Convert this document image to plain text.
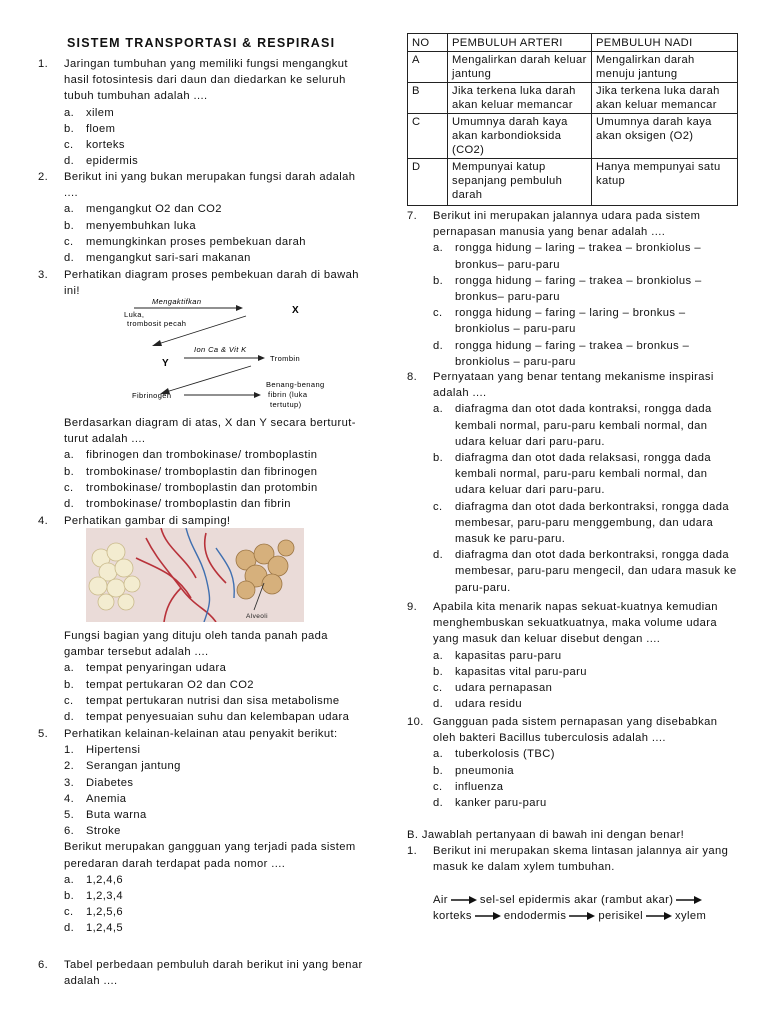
SISTEM TRANSPORTASI & RESPIRASI
1. Jaringan tumbuhan yang memiliki fungsi mengangkut hasil fotosintesis dari daun dan diedarkan ke seluruh tubuh tumbuhan adalah ....
a. xilem
b. floem
c. korteks
d. epidermis
2. Berikut ini yang bukan merupakan fungsi darah adalah ....
a. mengangkut O2 dan CO2
b. menyembuhkan luka
c. memungkinkan proses pembekuan darah
d. mengangkut sari-sari makanan
3. Perhatikan diagram proses pembekuan darah di bawah ini!
Mengaktifkan
X
Luka,
trombosit pecah
Ion Ca & Vit K
Y	Trombin
Fibrinogen
Benang-benang
fibrin (luka
tertutup)
Berdasarkan diagram di atas, X dan Y secara berturut-turut adalah ....
a. fibrinogen dan trombokinase/ tromboplastin
b. trombokinase/ tromboplastin dan fibrinogen
c. trombokinase/ tromboplastin dan protombin
d. trombokinase/ tromboplastin dan fibrin
4. Perhatikan gambar di samping!
Alveoli
Fungsi bagian yang dituju oleh tanda panah pada gambar tersebut adalah ....
a. tempat penyaringan udara
b. tempat pertukaran O2 dan CO2
c. tempat pertukaran nutrisi dan sisa metabolisme
d. tempat penyesuaian suhu dan kelembapan udara
5. Perhatikan kelainan-kelainan atau penyakit berikut:
1. Hipertensi
2. Serangan jantung
3. Diabetes
4. Anemia
5. Buta warna
6. Stroke
Berikut merupakan gangguan yang terjadi pada sistem peredaran darah terdapat pada nomor ....
a. 1,2,4,6
b. 1,2,3,4
c. 1,2,5,6
d. 1,2,4,5
6. Tabel perbedaan pembuluh darah berikut ini yang benar adalah ....
NO	PEMBULUH ARTERI	PEMBULUH NADI
A	Mengalirkan darah keluar jantung	Mengalirkan darah menuju jantung
B	Jika terkena luka darah akan keluar memancar	Jika terkena luka darah akan keluar memancar
C	Umumnya darah kaya akan karbondioksida (CO2)	Umumnya darah kaya akan oksigen (O2)
D	Mempunyai katup sepanjang pembuluh darah	Hanya mempunyai satu katup
7. Berikut ini merupakan jalannya udara pada sistem pernapasan manusia yang benar adalah ....
a. rongga hidung – laring – trakea – bronkiolus – bronkus– paru-paru
b. rongga hidung – faring – trakea – bronkiolus – bronkus– paru-paru
c. rongga hidung – faring – laring – bronkus – bronkiolus – paru-paru
d. rongga hidung – faring – trakea – bronkus – bronkiolus – paru-paru
8. Pernyataan yang benar tentang mekanisme inspirasi adalah ....
a. diafragma dan otot dada kontraksi, rongga dada kembali normal, paru-paru kembali normal, dan udara keluar dari paru-paru.
b. diafragma dan otot dada relaksasi, rongga dada kembali normal, paru-paru kembali normal, dan udara keluar dari paru-paru.
c. diafragma dan otot dada berkontraksi, rongga dada membesar, paru-paru menggembung, dan udara masuk ke paru-paru.
d. diafragma dan otot dada berkontraksi, rongga dada membesar, paru-paru mengecil, dan udara masuk ke paru-paru.
9. Apabila kita menarik napas sekuat-kuatnya kemudian menghembuskan sekuatkuatnya, maka volume udara yang masuk dan keluar disebut dengan ....
a. kapasitas paru-paru
b. kapasitas vital paru-paru
c. udara pernapasan
d. udara residu
10. Gangguan pada sistem pernapasan yang disebabkan oleh bakteri Bacillus tuberculosis adalah ....
a. tuberkolosis (TBC)
b. pneumonia
c. influenza
d. kanker paru-paru
B. Jawablah pertanyaan di bawah ini dengan benar!
1. Berikut ini merupakan skema lintasan jalannya air yang masuk ke dalam xylem tumbuhan.
Air	sel-sel epidermis akar (rambut akar)
korteks	endodermis	perisikel	xylem
